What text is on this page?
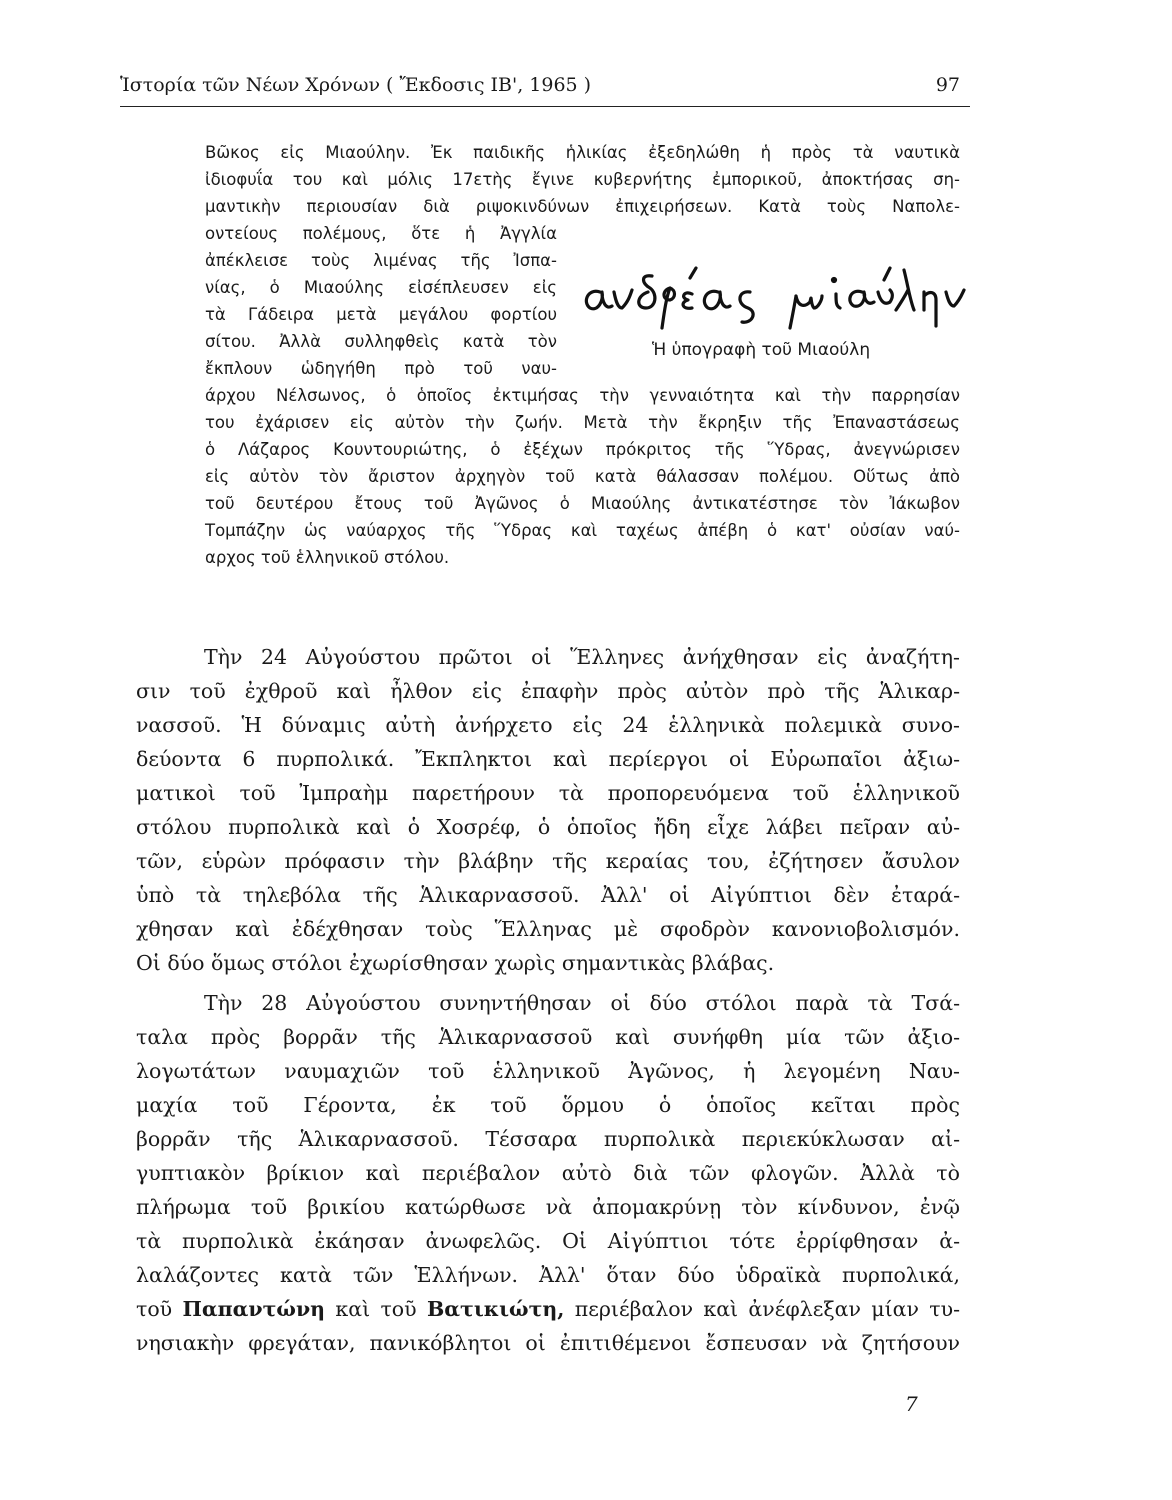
Ἱστορία τῶν Νέων Χρόνων ( Ἔκδοσις ΙΒ', 1965 )	97
Βῶκος εἰς Μιαούλην. Ἐκ παιδικῆς ἡλικίας ἐξεδηλώθη ἡ πρὸς τὰ ναυτικὰ
ἰδιοφυΐα του καὶ μόλις 17ετὴς ἔγινε κυβερνήτης ἐμπορικοῦ, ἀποκτήσας ση-
μαντικὴν περιουσίαν διὰ ριψοκινδύνων ἐπιχειρήσεων. Κατὰ τοὺς Ναπολε-
οντείους πολέμους, ὅτε ἡ Ἀγγλία
ἀπέκλεισε τοὺς λιμένας τῆς Ἰσπα-
νίας, ὁ Μιαούλης εἰσέπλευσεν εἰς
τὰ Γάδειρα μετὰ μεγάλου φορτίου
σίτου. Ἀλλὰ συλληφθεὶς κατὰ τὸν
ἔκπλουν ὡδηγήθη πρὸ τοῦ ναυ-
άρχου Νέλσωνος, ὁ ὁποῖος ἐκτιμήσας τὴν γενναιότητα καὶ τὴν παρρησίαν
του ἐχάρισεν εἰς αὐτὸν τὴν ζωήν. Μετὰ τὴν ἔκρηξιν τῆς Ἐπαναστάσεως
ὁ Λάζαρος Κουντουριώτης, ὁ ἐξέχων πρόκριτος τῆς Ὕδρας, ἀνεγνώρισεν
εἰς αὐτὸν τὸν ἄριστον ἀρχηγὸν τοῦ κατὰ θάλασσαν πολέμου. Οὕτως ἀπὸ
τοῦ δευτέρου ἔτους τοῦ Ἀγῶνος ὁ Μιαούλης ἀντικατέστησε τὸν Ἰάκωβον
Τομπάζην ὡς ναύαρχος τῆς Ὕδρας καὶ ταχέως ἀπέβη ὁ κατ' οὐσίαν ναύ-
αρχος τοῦ ἑλληνικοῦ στόλου.
ἀνδρέας μιαούλης
Ἡ ὑπογραφὴ τοῦ Μιαούλη
Τὴν 24 Αὐγούστου πρῶτοι οἱ Ἕλληνες ἀνήχθησαν εἰς ἀναζήτη-
σιν τοῦ ἐχθροῦ καὶ ἦλθον εἰς ἐπαφὴν πρὸς αὐτὸν πρὸ τῆς Ἁλικαρ-
νασσοῦ. Ἡ δύναμις αὐτὴ ἀνήρχετο εἰς 24 ἑλληνικὰ πολεμικὰ συνο-
δεύοντα 6 πυρπολικά. Ἔκπληκτοι καὶ περίεργοι οἱ Εὐρωπαῖοι ἀξιω-
ματικοὶ τοῦ Ἰμπραὴμ παρετήρουν τὰ προπορευόμενα τοῦ ἑλληνικοῦ
στόλου πυρπολικὰ καὶ ὁ Χοσρέφ, ὁ ὁποῖος ἤδη εἶχε λάβει πεῖραν αὐ-
τῶν, εὑρὼν πρόφασιν τὴν βλάβην τῆς κεραίας του, ἐζήτησεν ἄσυλον
ὑπὸ τὰ τηλεβόλα τῆς Ἁλικαρνασσοῦ. Ἀλλ' οἱ Αἰγύπτιοι δὲν ἐταρά-
χθησαν καὶ ἐδέχθησαν τοὺς Ἕλληνας μὲ σφοδρὸν κανονιοβολισμόν.
Οἱ δύο ὅμως στόλοι ἐχωρίσθησαν χωρὶς σημαντικὰς βλάβας.
Τὴν 28 Αὐγούστου συνηντήθησαν οἱ δύο στόλοι παρὰ τὰ Τσά-
ταλα πρὸς βορρᾶν τῆς Ἁλικαρνασσοῦ καὶ συνήφθη μία τῶν ἀξιο-
λογωτάτων ναυμαχιῶν τοῦ ἑλληνικοῦ Ἀγῶνος, ἡ λεγομένη Ναυ-
μαχία τοῦ Γέροντα, ἐκ τοῦ ὅρμου ὁ ὁποῖος κεῖται πρὸς
βορρᾶν τῆς Ἁλικαρνασσοῦ. Τέσσαρα πυρπολικὰ περιεκύκλωσαν αἰ-
γυπτιακὸν βρίκιον καὶ περιέβαλον αὐτὸ διὰ τῶν φλογῶν. Ἀλλὰ τὸ
πλήρωμα τοῦ βρικίου κατώρθωσε νὰ ἀπομακρύνῃ τὸν κίνδυνον, ἐνῷ
τὰ πυρπολικὰ ἐκάησαν ἀνωφελῶς. Οἱ Αἰγύπτιοι τότε ἐρρίφθησαν ἀ-
λαλάζοντες κατὰ τῶν Ἑλλήνων. Ἀλλ' ὅταν δύο ὑδραϊκὰ πυρπολικά,
τοῦ Παπαντώνη καὶ τοῦ Βατικιώτη, περιέβαλον καὶ ἀνέφλεξαν μίαν τυ-
νησιακὴν φρεγάταν, πανικόβλητοι οἱ ἐπιτιθέμενοι ἔσπευσαν νὰ ζητήσουν
7
